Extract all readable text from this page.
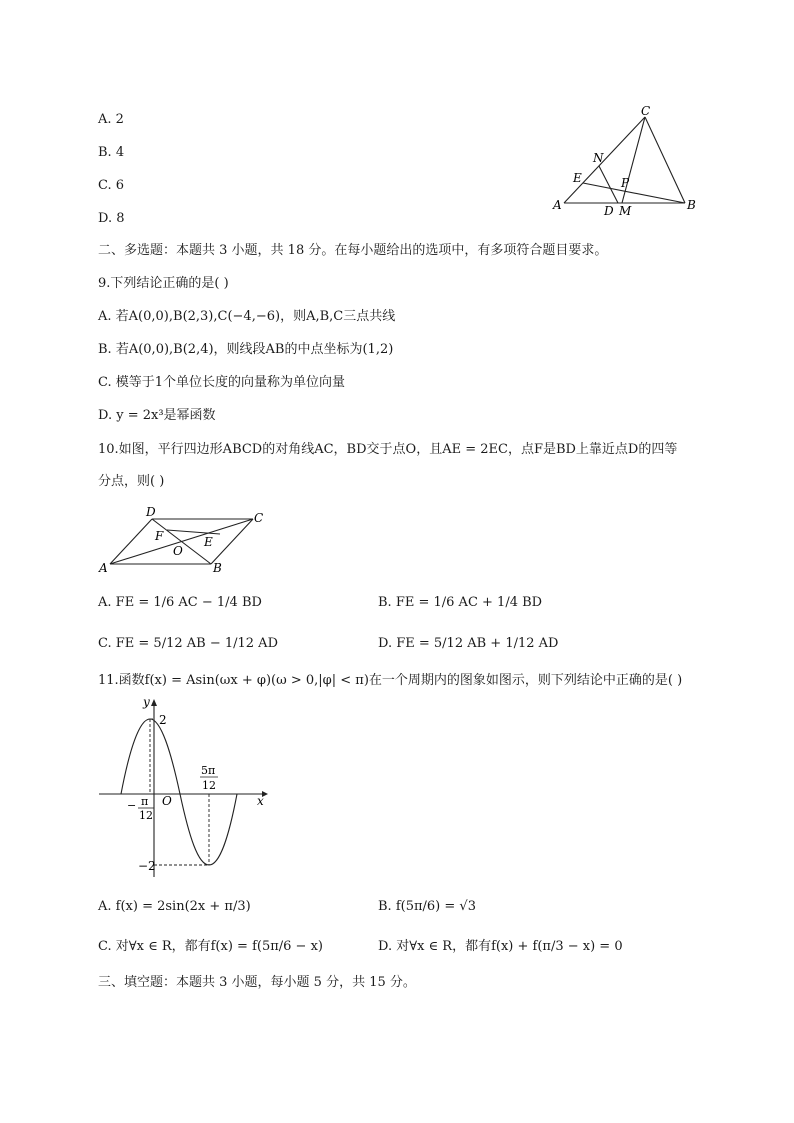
A. 2
B. 4
C. 6
D. 8
C
N
E	P
A	D M	B
二、多选题：本题共 3 小题，共 18 分。在每小题给出的选项中，有多项符合题目要求。
9.下列结论正确的是( )
A. 若A(0,0),B(2,3),C(−4,−6)，则A,B,C三点共线
B. 若A(0,0),B(2,4)，则线段AB的中点坐标为(1,2)
C. 模等于1个单位长度的向量称为单位向量
D. y = 2x³是幂函数
10.如图，平行四边形ABCD的对角线AC，BD交于点O，且AE = 2EC，点F是BD上靠近点D的四等
分点，则( )
D	C
F
O
E
A	B
A. FE = 1/6 AC − 1/4 BD	B. FE = 1/6 AC + 1/4 BD
C. FE = 5/12 AB − 1/12 AD	D. FE = 5/12 AB + 1/12 AD
11.函数f(x) = Asin(ωx + φ)(ω > 0,|φ| < π)在一个周期内的图象如图示，则下列结论中正确的是( )
y
x
O
2
−2
− π
12
5π
12
A. f(x) = 2sin(2x + π/3)	B. f(5π/6) = √3
C. 对∀x ∈ R，都有f(x) = f(5π/6 − x)	D. 对∀x ∈ R，都有f(x) + f(π/3 − x) = 0
三、填空题：本题共 3 小题，每小题 5 分，共 15 分。
